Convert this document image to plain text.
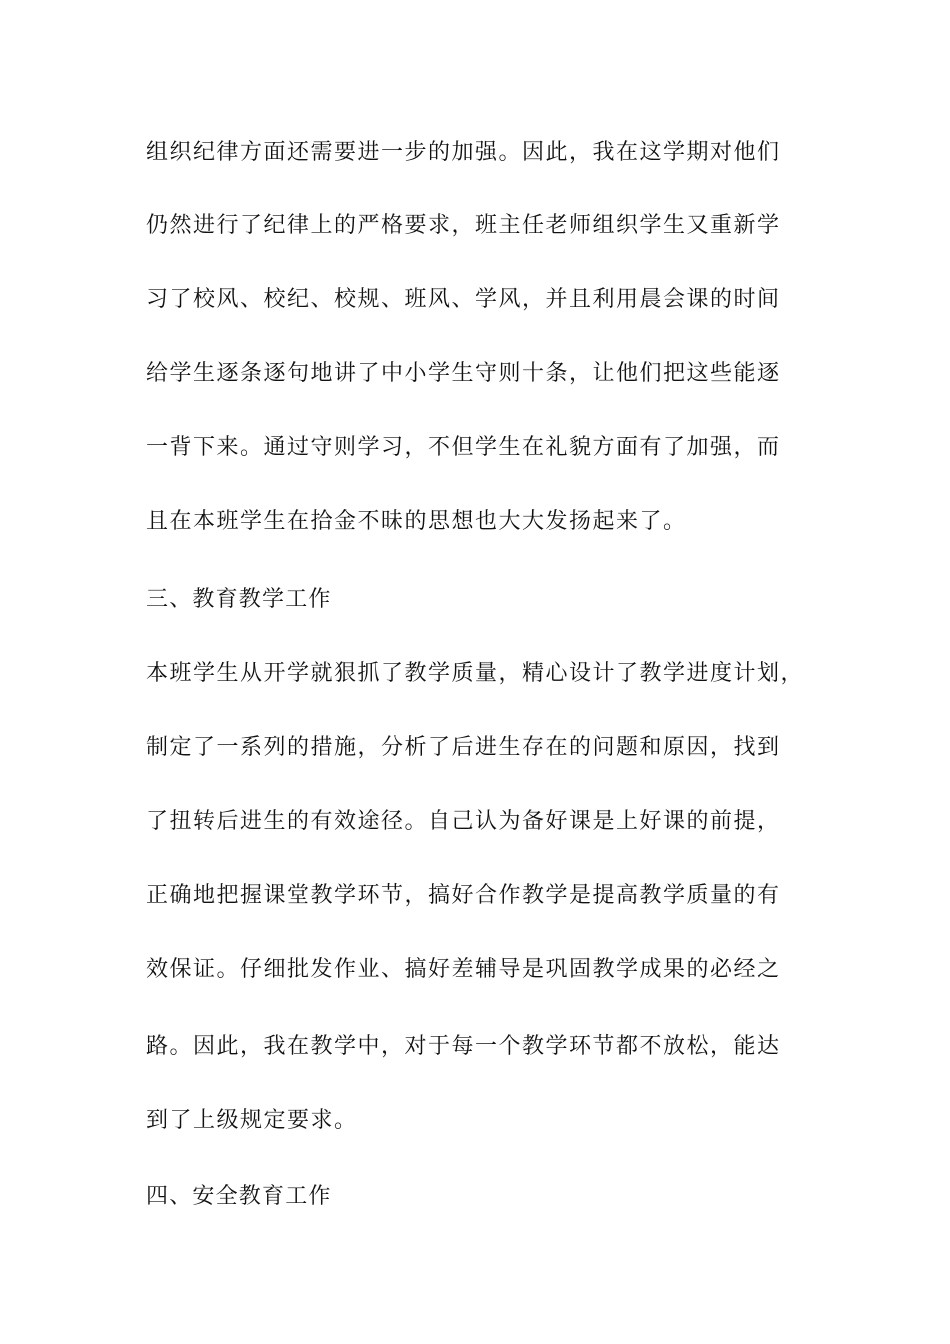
组织纪律方面还需要进一步的加强。因此，我在这学期对他们
仍然进行了纪律上的严格要求，班主任老师组织学生又重新学
习了校风、校纪、校规、班风、学风，并且利用晨会课的时间
给学生逐条逐句地讲了中小学生守则十条，让他们把这些能逐
一背下来。通过守则学习，不但学生在礼貌方面有了加强，而
且在本班学生在拾金不昧的思想也大大发扬起来了。
三、教育教学工作
本班学生从开学就狠抓了教学质量，精心设计了教学进度计划，
制定了一系列的措施，分析了后进生存在的问题和原因，找到
了扭转后进生的有效途径。自己认为备好课是上好课的前提，
正确地把握课堂教学环节，搞好合作教学是提高教学质量的有
效保证。仔细批发作业、搞好差辅导是巩固教学成果的必经之
路。因此，我在教学中，对于每一个教学环节都不放松，能达
到了上级规定要求。
四、安全教育工作
